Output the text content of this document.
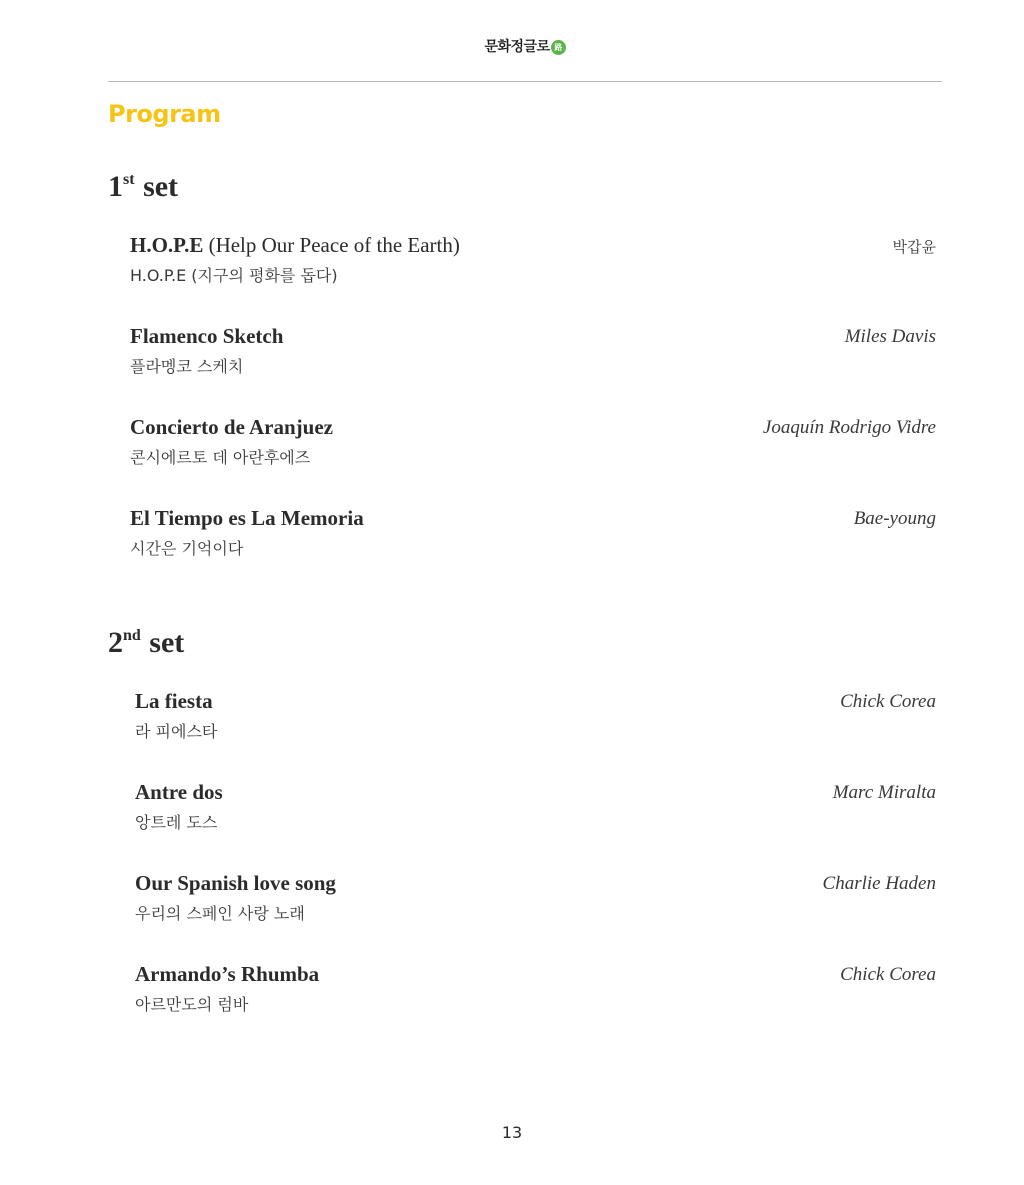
문화정글로 路
Program
1st set
H.O.P.E (Help Our Peace of the Earth)
H.O.P.E (지구의 평화를 돕다)
박갑윤
Flamenco Sketch
플라멩코 스케치
Miles Davis
Concierto de Aranjuez
콘시에르토 데 아란후에즈
Joaquín Rodrigo Vidre
El Tiempo es La Memoria
시간은 기억이다
Bae-young
2nd set
La fiesta
라 피에스타
Chick Corea
Antre dos
앙트레 도스
Marc Miralta
Our Spanish love song
우리의 스페인 사랑 노래
Charlie Haden
Armando’s Rhumba
아르만도의 럼바
Chick Corea
13
